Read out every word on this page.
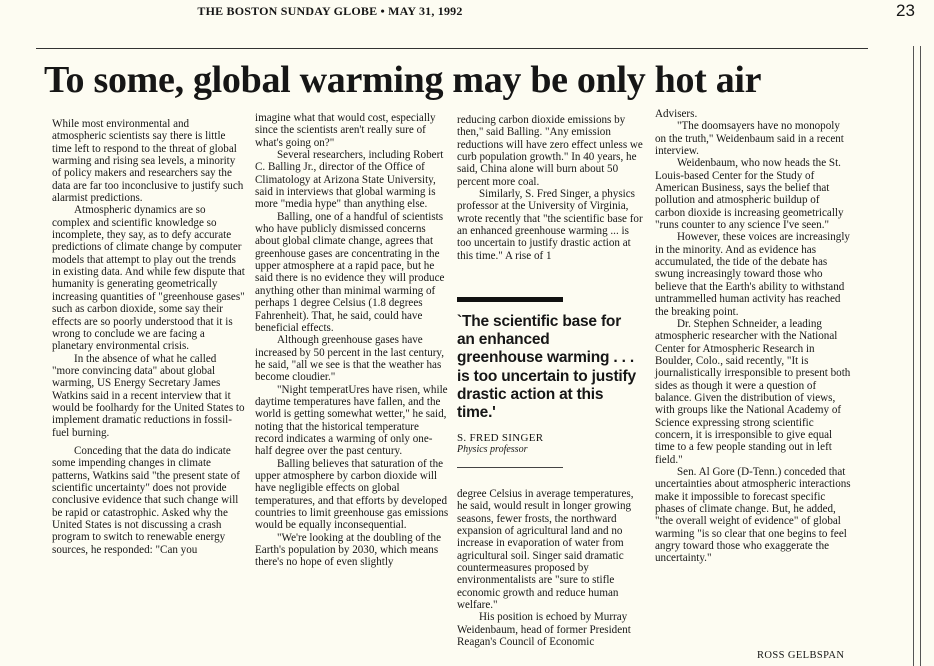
THE BOSTON SUNDAY GLOBE • MAY 31, 1992	23
To some, global warming may be only hot air

While most environmental and atmospheric scientists say there is little time left to respond to the threat of global warming and rising sea levels, a minority of policy makers and researchers say the data are far too inconclusive to justify such alarmist predictions.

Atmospheric dynamics are so complex and scientific knowledge so incomplete, they say, as to defy accurate predictions of climate change by computer models that attempt to play out the trends in existing data. And while few dispute that humanity is generating geometrically increasing quantities of "greenhouse gases" such as carbon dioxide, some say their effects are so poorly understood that it is wrong to conclude we are facing a planetary environmental crisis.

In the absence of what he called "more convincing data" about global warming, US Energy Secretary James Watkins said in a recent interview that it would be foolhardy for the United States to implement dramatic reductions in fossil-fuel burning.

Conceding that the data do indicate some impending changes in climate patterns, Watkins said "the present state of scientific uncertainty" does not provide conclusive evidence that such change will be rapid or catastrophic. Asked why the United States is not discussing a crash program to switch to renewable energy sources, he responded: "Can you

imagine what that would cost, especially since the scientists aren't really sure of what's going on?"

Several researchers, including Robert C. Balling Jr., director of the Office of Climatology at Arizona State University, said in interviews that global warming is more "media hype" than anything else.

Balling, one of a handful of scientists who have publicly dismissed concerns about global climate change, agrees that greenhouse gases are concentrating in the upper atmosphere at a rapid pace, but he said there is no evidence they will produce anything other than minimal warming of perhaps 1 degree Celsius (1.8 degrees Fahrenheit). That, he said, could have beneficial effects.

Although greenhouse gases have increased by 50 percent in the last century, he said, "all we see is that the weather has become cloudier."

"Night temperatUres have risen, while daytime temperatures have fallen, and the world is getting somewhat wetter," he said, noting that the historical temperature record indicates a warming of only one-half degree over the past century.

Balling believes that saturation of the upper atmosphere by carbon dioxide will have negligible effects on global temperatures, and that efforts by developed countries to limit greenhouse gas emissions would be equally inconsequential.

"We're looking at the doubling of the Earth's population by 2030, which means there's no hope of even slightly

reducing carbon dioxide emissions by then," said Balling. "Any emission reductions will have zero effect unless we curb population growth." In 40 years, he said, China alone will burn about 50 percent more coal.

Similarly, S. Fred Singer, a physics professor at the University of Virginia, wrote recently that "the scientific base for an enhanced greenhouse warming ... is too uncertain to justify drastic action at this time." A rise of 1

`The scientific base for an enhanced greenhouse warming . . . is too uncertain to justify drastic action at this time.'

S. FRED SINGER
Physics professor

degree Celsius in average temperatures, he said, would result in longer growing seasons, fewer frosts, the northward expansion of agricultural land and no increase in evaporation of water from agricultural soil. Singer said dramatic countermeasures proposed by environmentalists are "sure to stifle economic growth and reduce human welfare."

His position is echoed by Murray Weidenbaum, head of former President Reagan's Council of Economic

Advisers.

"The doomsayers have no monopoly on the truth," Weidenbaum said in a recent interview.

Weidenbaum, who now heads the St. Louis-based Center for the Study of American Business, says the belief that pollution and atmospheric buildup of carbon dioxide is increasing geometrically "runs counter to any science I've seen."

However, these voices are increasingly in the minority. And as evidence has accumulated, the tide of the debate has swung increasingly toward those who believe that the Earth's ability to withstand untrammelled human activity has reached the breaking point.

Dr. Stephen Schneider, a leading atmospheric researcher with the National Center for Atmospheric Research in Boulder, Colo., said recently, "It is journalistically irresponsible to present both sides as though it were a question of balance. Given the distribution of views, with groups like the National Academy of Science expressing strong scientific concern, it is irresponsible to give equal time to a few people standing out in left field."

Sen. Al Gore (D-Tenn.) conceded that uncertainties about atmospheric interactions make it impossible to forecast specific phases of climate change. But, he added, "the overall weight of evidence" of global warming "is so clear that one begins to feel angry toward those who exaggerate the uncertainty."

ROSS GELBSPAN
